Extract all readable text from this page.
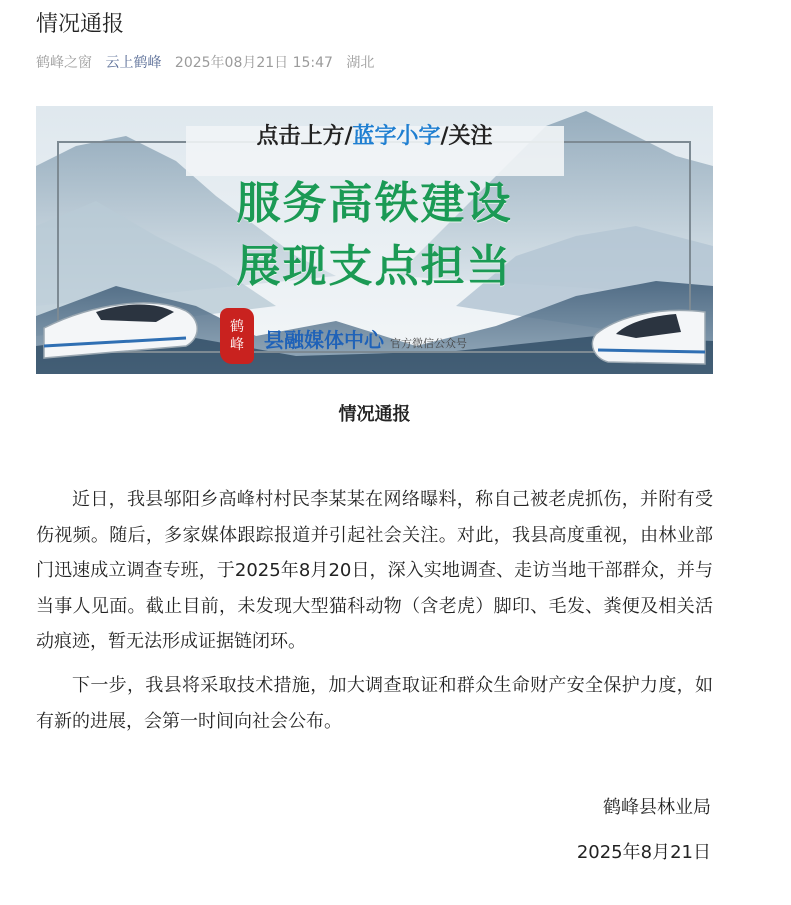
情况通报
鹤峰之窗 云上鹤峰 2025年08月21日 15:47 湖北
点击上方/蓝字小字/关注
服务高铁建设
展现支点担当
鹤
峰 县融媒体中心 官方微信公众号
情况通报

近日，我县邬阳乡高峰村村民李某某在网络曝料，称自己被老虎抓伤，并附有受伤视频。随后，多家媒体跟踪报道并引起社会关注。对此，我县高度重视，由林业部门迅速成立调查专班，于2025年8月20日，深入实地调查、走访当地干部群众，并与当事人见面。截止目前，未发现大型猫科动物（含老虎）脚印、毛发、粪便及相关活动痕迹，暂无法形成证据链闭环。

下一步，我县将采取技术措施，加大调查取证和群众生命财产安全保护力度，如有新的进展，会第一时间向社会公布。

鹤峰县林业局
2025年8月21日
